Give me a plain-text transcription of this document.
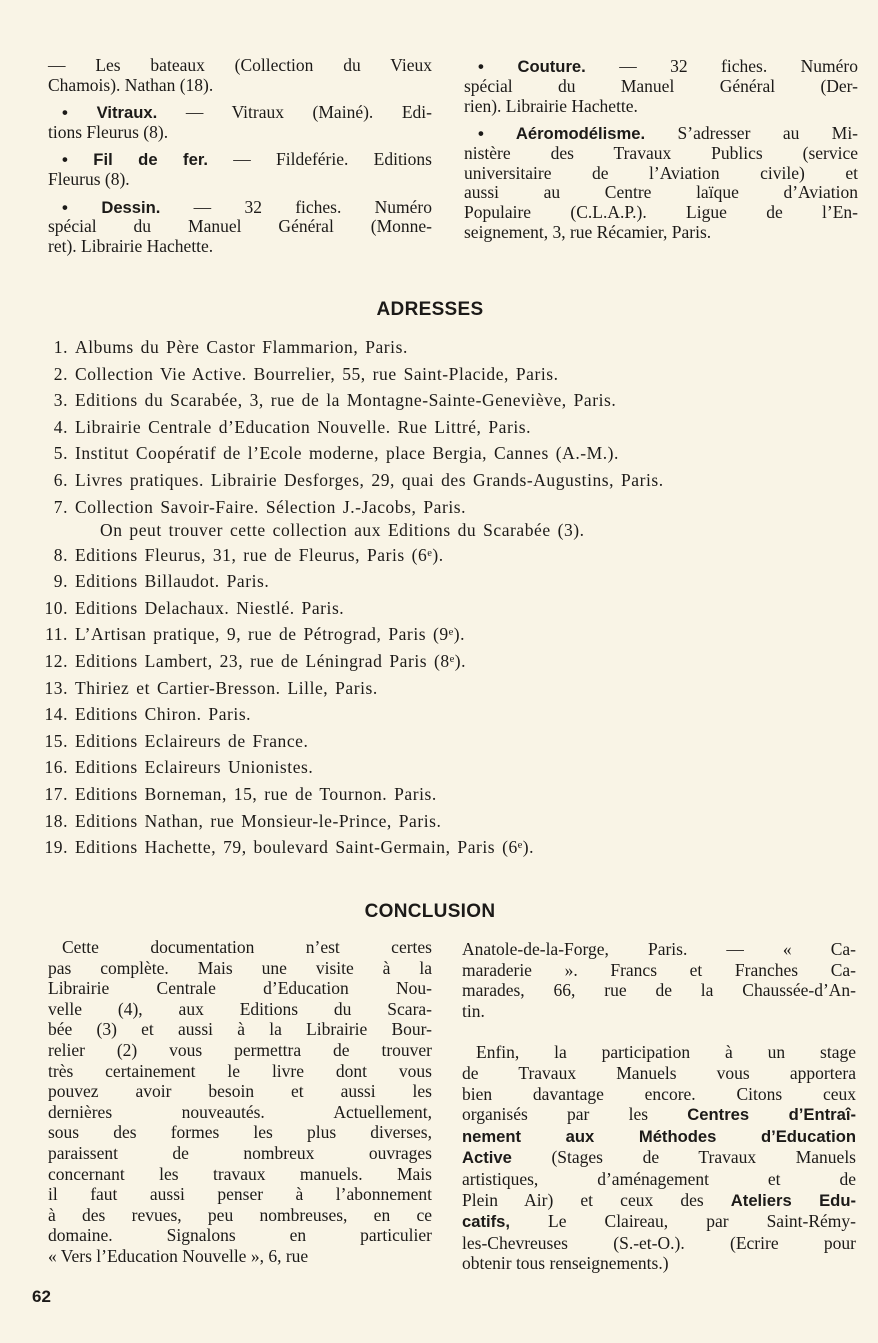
— Les bateaux (Collection du Vieux
Chamois). Nathan (18).
• Vitraux. — Vitraux (Mainé). Edi-
tions Fleurus (8).
• Fil de fer. — Fildeférie. Editions
Fleurus (8).
• Dessin. — 32 fiches. Numéro
spécial du Manuel Général (Monne-
ret). Librairie Hachette.
• Couture. — 32 fiches. Numéro
spécial du Manuel Général (Der-
rien). Librairie Hachette.
• Aéromodélisme. S’adresser au Mi-
nistère des Travaux Publics (service
universitaire de l’Aviation civile) et
aussi au Centre laïque d’Aviation
Populaire (C.L.A.P.). Ligue de l’En-
seignement, 3, rue Récamier, Paris.
ADRESSES
1. Albums du Père Castor Flammarion, Paris.
2. Collection Vie Active. Bourrelier, 55, rue Saint-Placide, Paris.
3. Editions du Scarabée, 3, rue de la Montagne-Sainte-Geneviève, Paris.
4. Librairie Centrale d’Education Nouvelle. Rue Littré, Paris.
5. Institut Coopératif de l’Ecole moderne, place Bergia, Cannes (A.-M.).
6. Livres pratiques. Librairie Desforges, 29, quai des Grands-Augustins, Paris.
7. Collection Savoir-Faire. Sélection J.-Jacobs, Paris.
On peut trouver cette collection aux Editions du Scarabée (3).
8. Editions Fleurus, 31, rue de Fleurus, Paris (6ᵉ).
9. Editions Billaudot. Paris.
10. Editions Delachaux. Niestlé. Paris.
11. L’Artisan pratique, 9, rue de Pétrograd, Paris (9ᵉ).
12. Editions Lambert, 23, rue de Léningrad Paris (8ᵉ).
13. Thiriez et Cartier-Bresson. Lille, Paris.
14. Editions Chiron. Paris.
15. Editions Eclaireurs de France.
16. Editions Eclaireurs Unionistes.
17. Editions Borneman, 15, rue de Tournon. Paris.
18. Editions Nathan, rue Monsieur-le-Prince, Paris.
19. Editions Hachette, 79, boulevard Saint-Germain, Paris (6ᵉ).
CONCLUSION
Cette documentation n’est certes
pas complète. Mais une visite à la
Librairie Centrale d’Education Nou-
velle (4), aux Editions du Scara-
bée (3) et aussi à la Librairie Bour-
relier (2) vous permettra de trouver
très certainement le livre dont vous
pouvez avoir besoin et aussi les
dernières nouveautés. Actuellement,
sous des formes les plus diverses,
paraissent de nombreux ouvrages
concernant les travaux manuels. Mais
il faut aussi penser à l’abonnement
à des revues, peu nombreuses, en ce
domaine. Signalons en particulier
« Vers l’Education Nouvelle », 6, rue
Anatole-de-la-Forge, Paris. — « Ca-
maraderie ». Francs et Franches Ca-
marades, 66, rue de la Chaussée-d’An-
tin.
Enfin, la participation à un stage
de Travaux Manuels vous apportera
bien davantage encore. Citons ceux
organisés par les Centres d’Entraî-
nement aux Méthodes d’Education
Active (Stages de Travaux Manuels
artistiques, d’aménagement et de
Plein Air) et ceux des Ateliers Edu-
catifs, Le Claireau, par Saint-Rémy-
les-Chevreuses (S.-et-O.). (Ecrire pour
obtenir tous renseignements.)
62
